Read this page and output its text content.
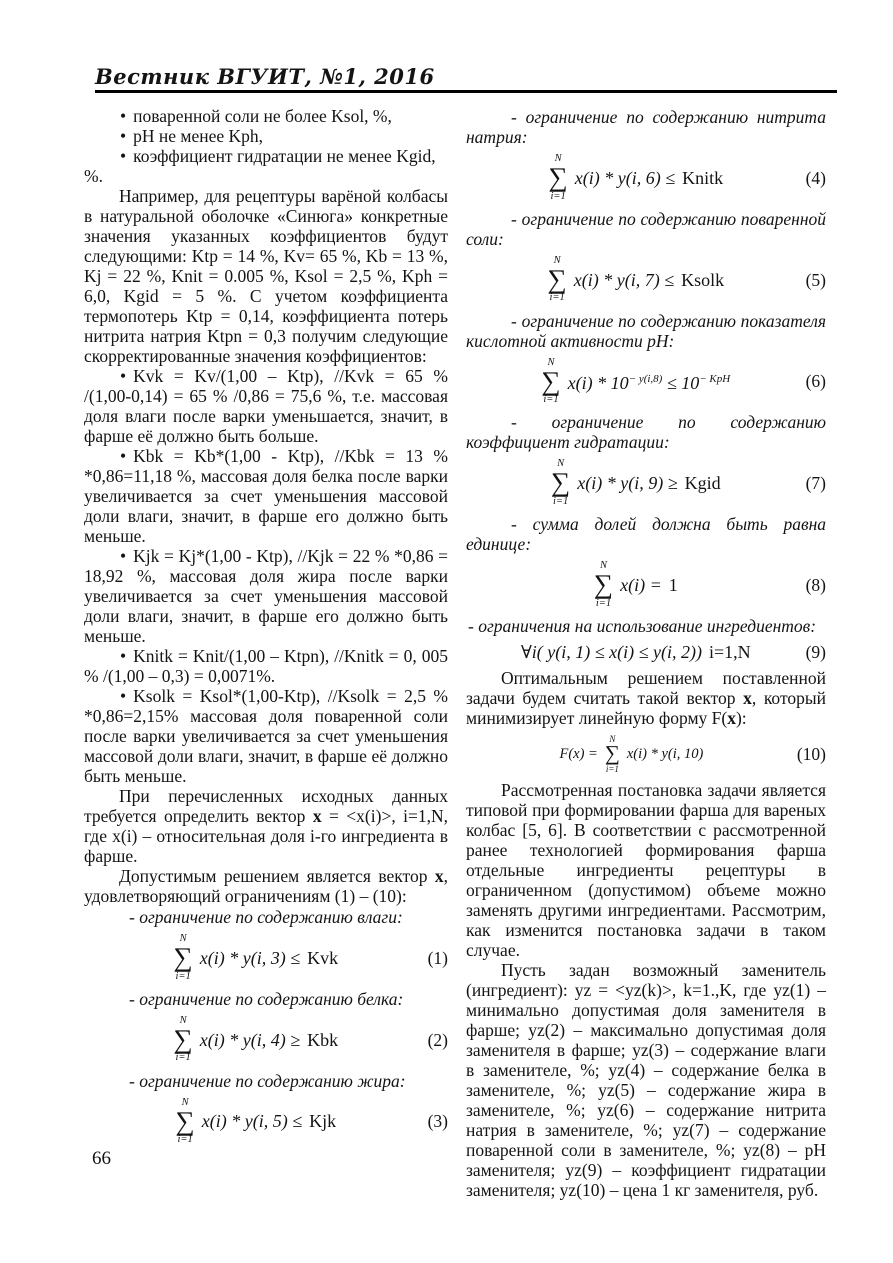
Вестник ВГУИТ, №1, 2016
• поваренной соли не более Ksol, %,
• pH не менее Kph,
• коэффициент гидратации не менее Kgid, %.

Например, для рецептуры варёной колбасы в натуральной оболочке «Синюга» конкретные значения указанных коэффициентов будут следующими: Ktp = 14 %, Kv= 65 %, Kb = 13 %, Kj = 22 %, Knit = 0.005 %, Ksol = 2,5 %, Kph = 6,0, Kgid = 5 %. С учетом коэффициента термопотерь Ktp = 0,14, коэффициента потерь нитрита натрия Ktpn = 0,3 получим следующие скорректированные значения коэффициентов:

• Kvk = Kv/(1,00 – Ktp), //Kvk = 65 % /(1,00-0,14) = 65 % /0,86 = 75,6 %, т.е. массовая доля влаги после варки уменьшается, значит, в фарше её должно быть больше.

• Kbk = Kb*(1,00 - Ktp), //Kbk = 13 % *0,86=11,18 %, массовая доля белка после варки увеличивается за счет уменьшения массовой доли влаги, значит, в фарше его должно быть меньше.

• Kjk = Kj*(1,00 - Ktp), //Kjk = 22 % *0,86 = 18,92 %, массовая доля жира после варки увеличивается за счет уменьшения массовой доли влаги, значит, в фарше его должно быть меньше.

• Knitk = Knit/(1,00 – Ktpn), //Knitk = 0, 005 % /(1,00 – 0,3) = 0,0071%.

• Ksolk = Ksol*(1,00-Ktp), //Ksolk = 2,5 % *0,86=2,15% массовая доля поваренной соли после варки увеличивается за счет уменьшения массовой доли влаги, значит, в фарше её должно быть меньше.

При перечисленных исходных данных требуется определить вектор x = <x(i)>, i=1,N, где x(i) – относительная доля i-го ингредиента в фарше.

Допустимым решением является вектор x, удовлетворяющий ограничениям (1) – (10):

- ограничение по содержанию влаги:

N
∑
i=1
x(i) * y(i, 3) ≤ Kvk	(1)

- ограничение по содержанию белка:

N
∑
i=1
x(i) * y(i, 4) ≥ Kbk	(2)

- ограничение по содержанию жира:

N
∑
i=1
x(i) * y(i, 5) ≤ Kjk	(3)

- ограничение по содержанию нитрита натрия:

N
∑
i=1
x(i) * y(i, 6) ≤ Knitk	(4)

- ограничение по содержанию поваренной соли:

N
∑
i=1
x(i) * y(i, 7) ≤ Ksolk	(5)

- ограничение по содержанию показателя кислотной активности pH:

N
∑
i=1
$x(i) * 10^{- y(i,8)} \le 10^{- KpH}$	(6)

- ограничение по содержанию коэффициент гидратации:

N
∑
i=1
x(i) * y(i, 9) ≥ Kgid	(7)

- сумма долей должна быть равна единице:

N
∑
i=1
x(i) = 1	(8)

- ограничения на использование ингредиентов:

∀i( y(i, 1) ≤ x(i) ≤ y(i, 2)) i=1,N	(9)

Оптимальным решением поставленной задачи будем считать такой вектор x, который минимизирует линейную форму F(x):

F(x) =
N
∑
i=1
x(i) * y(i, 10)	(10)

Рассмотренная постановка задачи является типовой при формировании фарша для вареных колбас [5, 6]. В соответствии с рассмотренной ранее технологией формирования фарша отдельные ингредиенты рецептуры в ограниченном (допустимом) объеме можно заменять другими ингредиентами. Рассмотрим, как изменится постановка задачи в таком случае.

Пусть задан возможный заменитель (ингредиент): yz = <yz(k)>, k=1.,K, где yz(1) – минимально допустимая доля заменителя в фарше; yz(2) – максимально допустимая доля заменителя в фарше; yz(3) – содержание влаги в заменителе, %; yz(4) – содержание белка в заменителе, %; yz(5) – содержание жира в заменителе, %; yz(6) – содержание нитрита натрия в заменителе, %; yz(7) – содержание поваренной соли в заменителе, %; yz(8) – pH заменителя; yz(9) – коэффициент гидратации заменителя; yz(10) – цена 1 кг заменителя, руб.

66
